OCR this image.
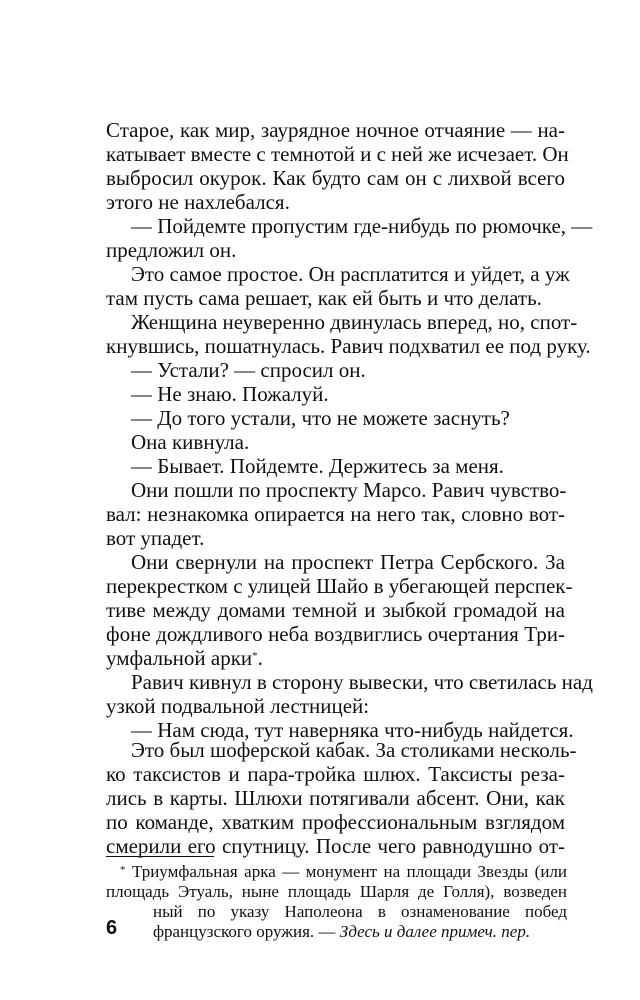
Старое, как мир, заурядное ночное отчаяние — на-
катывает вместе с темнотой и с ней же исчезает. Он
выбросил окурок. Как будто сам он с лихвой всего
этого не нахлебался.
— Пойдемте пропустим где-нибудь по рюмочке, —
предложил он.
Это самое простое. Он расплатится и уйдет, а уж
там пусть сама решает, как ей быть и что делать.
Женщина неуверенно двинулась вперед, но, спот-
кнувшись, пошатнулась. Равич подхватил ее под руку.
— Устали? — спросил он.
— Не знаю. Пожалуй.
— До того устали, что не можете заснуть?
Она кивнула.
— Бывает. Пойдемте. Держитесь за меня.
Они пошли по проспекту Марсо. Равич чувство-
вал: незнакомка опирается на него так, словно вот-
вот упадет.
Они свернули на проспект Петра Сербского. За
перекрестком с улицей Шайо в убегающей перспек-
тиве между домами темной и зыбкой громадой на
фоне дождливого неба воздвиглись очертания Три-
умфальной арки*.
Равич кивнул в сторону вывески, что светилась над
узкой подвальной лестницей:
— Нам сюда, тут наверняка что-нибудь найдется.
Это был шоферской кабак. За столиками несколь-
ко таксистов и пара-тройка шлюх. Таксисты реза-
лись в карты. Шлюхи потягивали абсент. Они, как
по команде, хватким профессиональным взглядом
смерили его спутницу. После чего равнодушно от-
* Триумфальная арка — монумент на площади Звезды (или
площадь Этуаль, ныне площадь Шарля де Голля), возведен
ный по указу Наполеона в ознаменование побед
французского оружия. — Здесь и далее примеч. пер.
6
